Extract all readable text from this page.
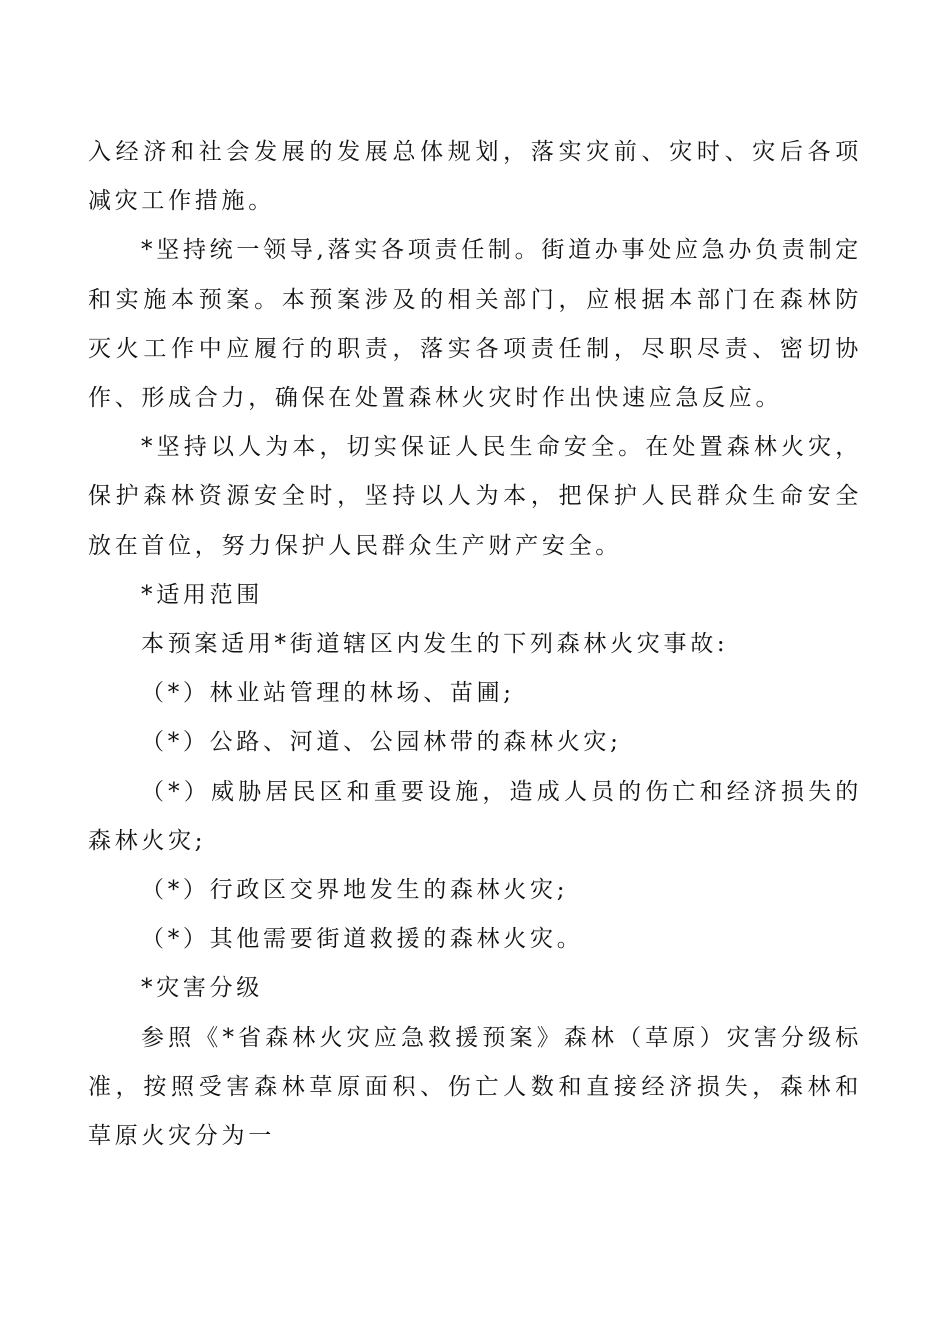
入经济和社会发展的发展总体规划，落实灾前、灾时、灾后各项减灾工作措施。

*坚持统一领导,落实各项责任制。街道办事处应急办负责制定和实施本预案。本预案涉及的相关部门，应根据本部门在森林防灭火工作中应履行的职责，落实各项责任制，尽职尽责、密切协作、形成合力，确保在处置森林火灾时作出快速应急反应。

*坚持以人为本，切实保证人民生命安全。在处置森林火灾，保护森林资源安全时，坚持以人为本，把保护人民群众生命安全放在首位，努力保护人民群众生产财产安全。

*适用范围

本预案适用*街道辖区内发生的下列森林火灾事故:

（*）林业站管理的林场、苗圃;

（*）公路、河道、公园林带的森林火灾;

（*）威胁居民区和重要设施，造成人员的伤亡和经济损失的森林火灾;

（*）行政区交界地发生的森林火灾;

（*）其他需要街道救援的森林火灾。

*灾害分级

参照《*省森林火灾应急救援预案》森林（草原）灾害分级标准，按照受害森林草原面积、伤亡人数和直接经济损失，森林和草原火灾分为一
